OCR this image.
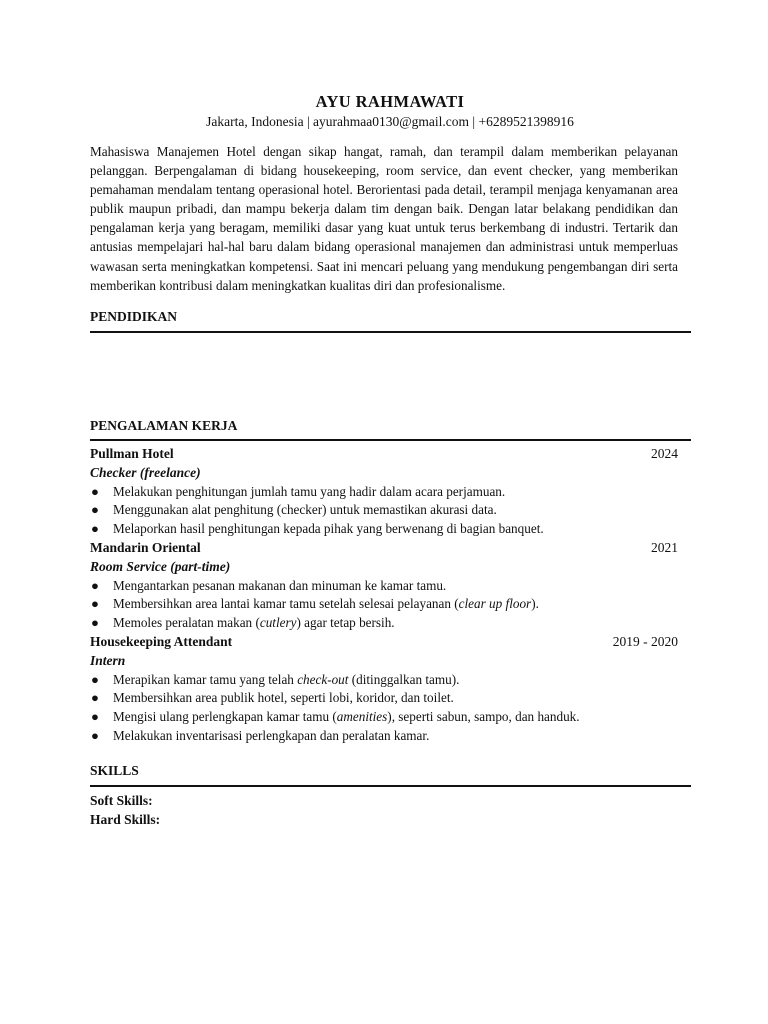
AYU RAHMAWATI
Jakarta, Indonesia | ayurahmaa0130@gmail.com | +6289521398916
Mahasiswa Manajemen Hotel dengan sikap hangat, ramah, dan terampil dalam memberikan pelayanan pelanggan. Berpengalaman di bidang housekeeping, room service, dan event checker, yang memberikan pemahaman mendalam tentang operasional hotel. Berorientasi pada detail, terampil menjaga kenyamanan area publik maupun pribadi, dan mampu bekerja dalam tim dengan baik. Dengan latar belakang pendidikan dan pengalaman kerja yang beragam, memiliki dasar yang kuat untuk terus berkembang di industri. Tertarik dan antusias mempelajari hal-hal baru dalam bidang operasional manajemen dan administrasi untuk memperluas wawasan serta meningkatkan kompetensi. Saat ini mencari peluang yang mendukung pengembangan diri serta memberikan kontribusi dalam meningkatkan kualitas diri dan profesionalisme.
PENDIDIKAN
PENGALAMAN KERJA
Pullman Hotel	2024
Checker (freelance)
●	Melakukan penghitungan jumlah tamu yang hadir dalam acara perjamuan.
●	Menggunakan alat penghitung (checker) untuk memastikan akurasi data.
●	Melaporkan hasil penghitungan kepada pihak yang berwenang di bagian banquet.
Mandarin Oriental	2021
Room Service (part-time)
●	Mengantarkan pesanan makanan dan minuman ke kamar tamu.
●	Membersihkan area lantai kamar tamu setelah selesai pelayanan (clear up floor).
●	Memoles peralatan makan (cutlery) agar tetap bersih.
Housekeeping Attendant	2019 - 2020
Intern
●	Merapikan kamar tamu yang telah check-out (ditinggalkan tamu).
●	Membersihkan area publik hotel, seperti lobi, koridor, dan toilet.
●	Mengisi ulang perlengkapan kamar tamu (amenities), seperti sabun, sampo, dan handuk.
●	Melakukan inventarisasi perlengkapan dan peralatan kamar.
SKILLS
Soft Skills:
Hard Skills:
